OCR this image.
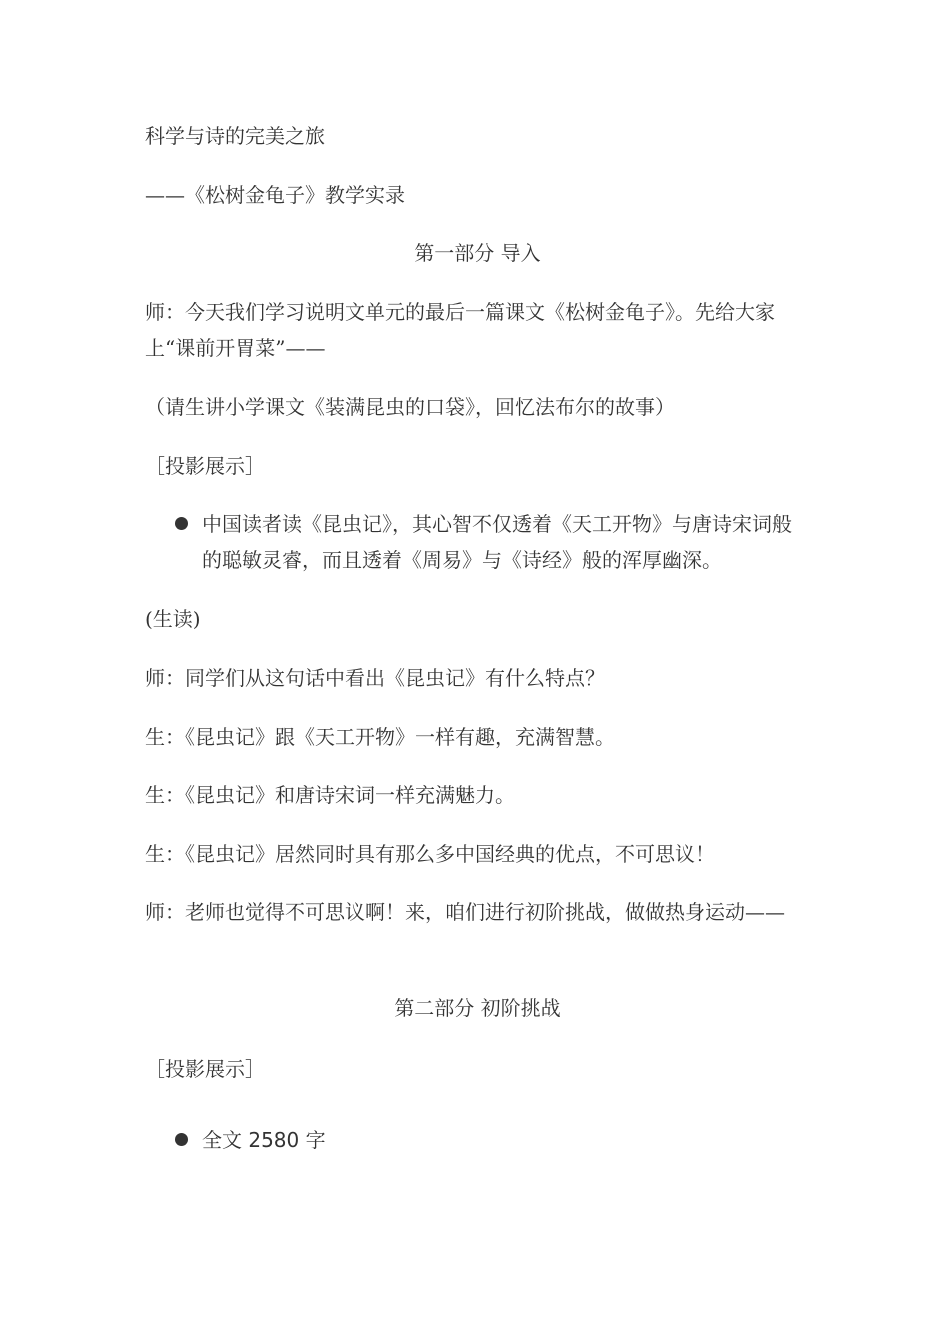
科学与诗的完美之旅

——《松树金龟子》教学实录

第一部分 导入

师：今天我们学习说明文单元的最后一篇课文《松树金龟子》。先给大家上“课前开胃菜”——

（请生讲小学课文《装满昆虫的口袋》，回忆法布尔的故事）

［投影展示］

中国读者读《昆虫记》，其心智不仅透着《天工开物》与唐诗宋词般的聪敏灵睿，而且透着《周易》与《诗经》般的浑厚幽深。

(生读)

师：同学们从这句话中看出《昆虫记》有什么特点？

生：《昆虫记》跟《天工开物》一样有趣，充满智慧。

生：《昆虫记》和唐诗宋词一样充满魅力。

生：《昆虫记》居然同时具有那么多中国经典的优点，不可思议！

师：老师也觉得不可思议啊！来，咱们进行初阶挑战，做做热身运动——

第二部分 初阶挑战

［投影展示］

全文 2580 字
